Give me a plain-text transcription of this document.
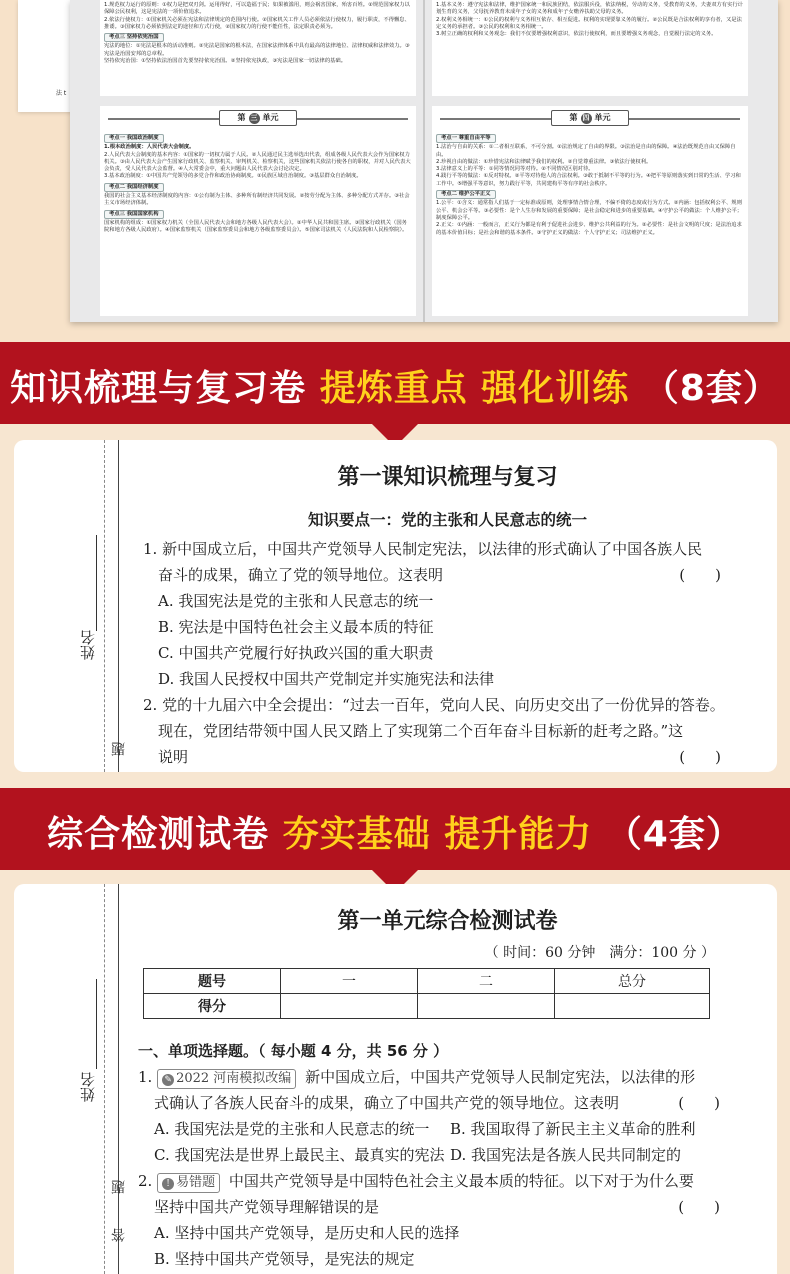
法 t
1.规范权力运行的原则：①权力是把双刃剑。运用得好，可以造福于民；如果被滥用，则会祸害国家，殆害百姓。②规范国家权力以保障公民权利，这是宪法的一项价值追求。
2.依法行使权力：①国家机关必须在宪法和法律规定的范围内行使。②国家机关工作人员必须依法行使权力，履行职责，不得懈怠、推诿。③国家权力必须依照法定的途径和方式行使，②国家权力的行使不能任性，法定职责必须为。
考点三 坚持依宪治国

宪法的地位：①宪法是根本的活动准则。②宪法是国家的根本法，在国家法律体系中具有最高的法律地位、法律权威和法律效力。③宪法是治国安邦的总章程。
坚持依宪治国：①坚持依法治国首先要坚持依宪治国。②坚持依宪执政，③宪法是国家一切法律的基础。
1.基本义务：遵守宪法和法律，维护国家统一和民族团结，依法服兵役，依法纳税，劳动的义务，受教育的义务，夫妻双方有实行计划生育的义务，父母抚养教育未成年子女的义务和成年子女赡养扶助父母的义务。
2.权利义务相统一：①公民的权利与义务相互依存、相互促进。权利的实现要靠义务的履行。②公民既是合法权利的享有者，又是法定义务的承担者。③公民的权利和义务相统一。
3.树立正确的权利和义务观念：我们不仅要增强权利意识，依法行使权利，而且要增强义务观念，自觉履行法定的义务。
第 三 单元
考点一 我国政治制度

1.根本政治制度：人民代表大会制度。
2.人民代表大会制度的基本内容：①国家的一切权力属于人民。②人民通过民主选举选出代表，组成各级人民代表大会作为国家权力机关。③由人民代表大会产生国家行政机关、监察机关、审判机关、检察机关，这些国家机关依法行使各自的职权，并对人民代表大会负责，受人民代表大会监督。④人大常委会中，重大问题由人民代表大会讨论决定。
3.基本政治制度：①中国共产党领导的多党合作和政治协商制度。②民族区域自治制度。③基层群众自治制度。
考点二 我国经济制度

我国的社会主义基本经济制度的内容：①公有制为主体、多种所有制经济共同发展。②按劳分配为主体、多种分配方式并存。③社会主义市场经济体制。
考点三 我国国家机构

国家机构的组成：①国家权力机关（全国人民代表大会和地方各级人民代表大会）。②中华人民共和国主席。③国家行政机关（国务院和地方各级人民政府）。④国家监察机关（国家监察委员会和地方各级监察委员会）。⑤国家司法机关（人民法院和人民检察院）。
第 四 单元
考点一 尊重自由平等

1.法治与自由的关系：①二者相互联系，不可分割。②法治规定了自由的界限。③法治是自由的保障。④法治既规范自由又保障自由。
2.珍视自由的做法：①珍惜宪法和法律赋予我们的权利。②自觉尊重法律。③依法行使权利。
3.法律意义上的平等：①同等情况同等对待。②不同情况区别对待。
4.践行平等的做法：①反对特权。②平等对待他人的合法权利。③敢于抵制不平等的行为。④把平等原则落实到日常的生活、学习和工作中。⑤增强平等意识，努力践行平等，共同建构平等有序的社会秩序。
考点二 维护公平正义

1.公平：①含义：通常指人们基于一定标准或原则，处理事情合情合理，不偏不倚的态度或行为方式。②内涵：包括权利公平、规则公平、机会公平等。③必要性：是个人生存和发展的重要保障；是社会稳定和进步的重要基础。④守护公平的做法：个人维护公平；制度保障公平。
2.正义：①内涵：一般而言，正义行为都是有利于促进社会进步、维护公共利益的行为。②必要性：是社会文明的尺度；是法治追求的基本价值目标；是社会和谐的基本条件。③守护正义的做法：个人守护正义；司法维护正义。
知识梳理与复习卷 提炼重点 强化训练 （8套）
姓名
题
第一课知识梳理与复习
知识要点一：党的主张和人民意志的统一
1. 新中国成立后，中国共产党领导人民制定宪法，以法律的形式确认了中国各族人民
奋斗的成果，确立了党的领导地位。这表明	(　　)
A. 我国宪法是党的主张和人民意志的统一
B. 宪法是中国特色社会主义最本质的特征
C. 中国共产党履行好执政兴国的重大职责
D. 我国人民授权中国共产党制定并实施宪法和法律
2. 党的十九届六中全会提出：“过去一百年，党向人民、向历史交出了一份优异的答卷。
现在，党团结带领中国人民又踏上了实现第二个百年奋斗目标新的赶考之路。”这
说明	(　　)
综合检测试卷 夯实基础 提升能力 （4套）
姓名
题
答
第一单元综合检测试卷
（ 时间：60 分钟　满分：100 分 ）
题号	一	二	总分
得分			
一、单项选择题。（ 每小题 4 分，共 56 分 ）
1. ✎ 2022 河南模拟改编 新中国成立后，中国共产党领导人民制定宪法，以法律的形
式确认了各族人民奋斗的成果，确立了中国共产党的领导地位。这表明	(　　)
A. 我国宪法是党的主张和人民意志的统一 B. 我国取得了新民主主义革命的胜利
C. 我国宪法是世界上最民主、最真实的宪法 D. 我国宪法是各族人民共同制定的
2. ! 易错题 中国共产党领导是中国特色社会主义最本质的特征。以下对于为什么要
坚持中国共产党领导理解错误的是	(　　)
A. 坚持中国共产党领导，是历史和人民的选择
B. 坚持中国共产党领导，是宪法的规定
